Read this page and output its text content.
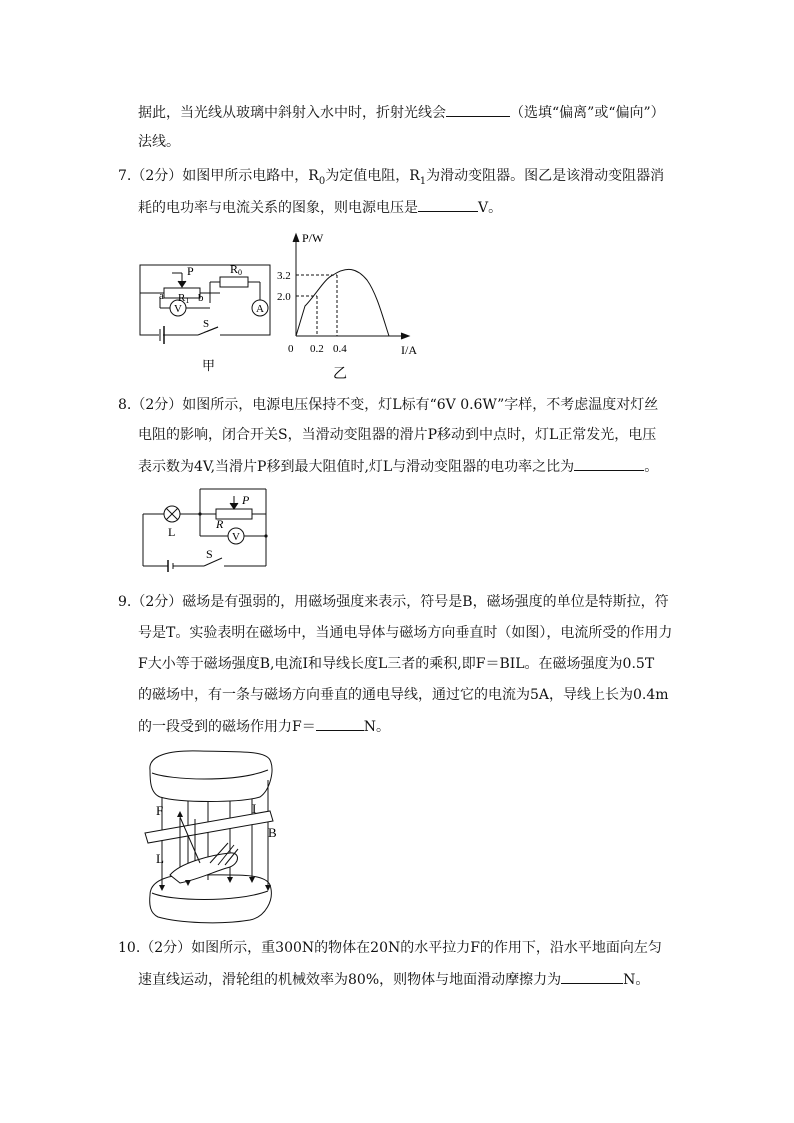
据此，当光线从玻璃中斜射入水中时，折射光线会	（选填“偏离”或“偏向”）
法线。
7.（2分）如图甲所示电路中，$R_0$为定值电阻，$R_1$为滑动变阻器。图乙是该滑动变阻器消
耗的电功率与电流关系的图象，则电源电压是	V。
P	R0
R1
a	b
V	A
S
甲
P/W
3.2
2.0
0 0.2 0.4	I/A
乙
8.（2分）如图所示，电源电压保持不变，灯L标有“6V 0.6W”字样，不考虑温度对灯丝
电阻的影响，闭合开关S，当滑动变阻器的滑片P移动到中点时，灯L正常发光，电压
表示数为4V,当滑片P移到最大阻值时,灯L与滑动变阻器的电功率之比为	。
L
P
R
V
S
9.（2分）磁场是有强弱的，用磁场强度来表示，符号是B，磁场强度的单位是特斯拉，符
号是T。实验表明在磁场中，当通电导体与磁场方向垂直时（如图），电流所受的作用力
F大小等于磁场强度B,电流I和导线长度L三者的乘积,即F＝BIL。在磁场强度为0.5T
的磁场中，有一条与磁场方向垂直的通电导线，通过它的电流为5A，导线上长为0.4m
的一段受到的磁场作用力F＝	N。
F	I
B
L
10.（2分）如图所示，重300N的物体在20N的水平拉力F的作用下，沿水平地面向左匀
速直线运动，滑轮组的机械效率为80%，则物体与地面滑动摩擦力为	N。
